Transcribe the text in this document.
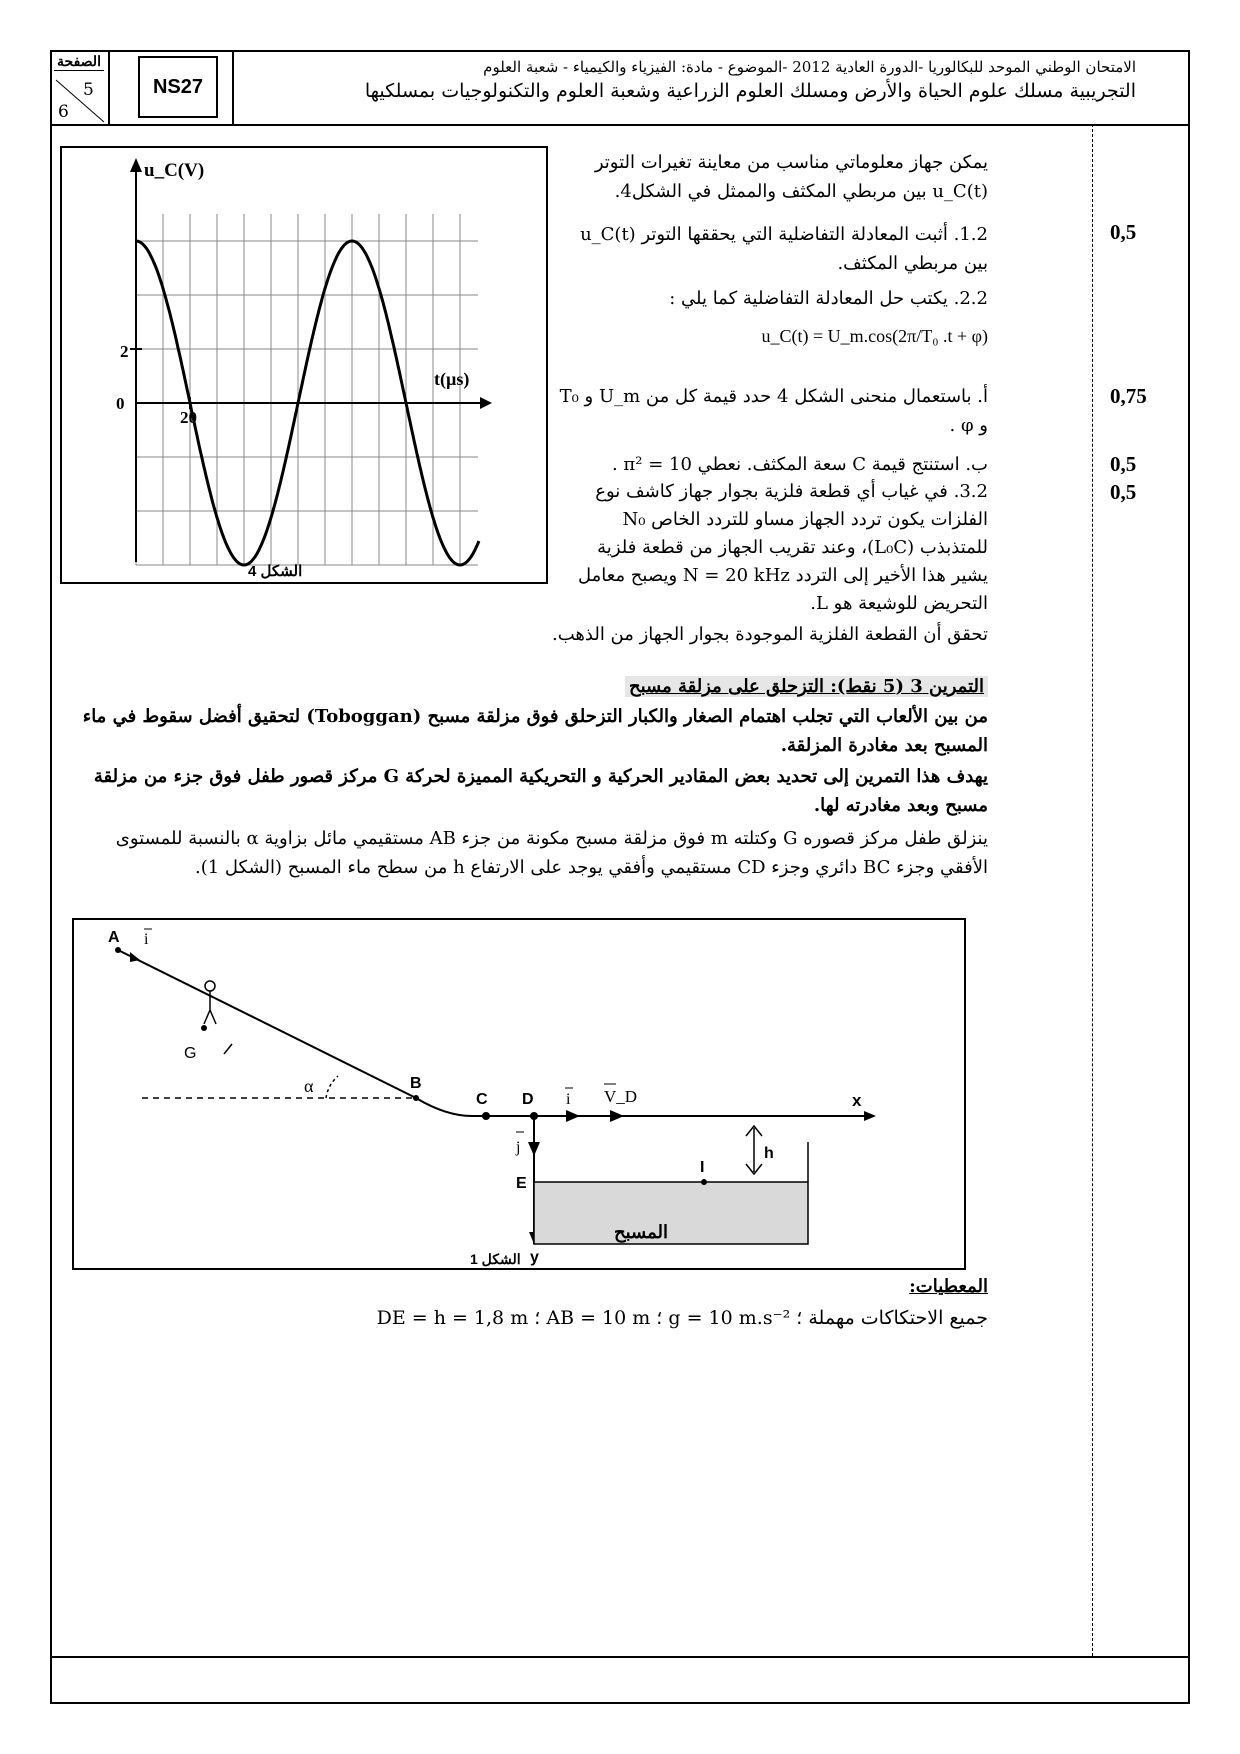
الصفحة
5
6
NS27
الامتحان الوطني الموحد للبكالوريا -الدورة العادية 2012 -الموضوع - مادة: الفيزياء والكيمياء - شعبة العلوم
التجريبية مسلك علوم الحياة والأرض ومسلك العلوم الزراعية وشعبة العلوم والتكنولوجيات بمسلكيها
u_C(V)
t(µs)
2
0
20
الشكل 4
يمكن جهاز معلوماتي مناسب من معاينة تغيرات التوتر u_C(t) بين مربطي المكثف والممثل في الشكل4.
1.2. أثبت المعادلة التفاضلية التي يحققها التوتر u_C(t) بين مربطي المكثف.
0,5
2.2. يكتب حل المعادلة التفاضلية كما يلي :
u_C(t) = U_m.cos(2π/T₀ .t + φ)
أ. باستعمال منحنى الشكل 4 حدد قيمة كل من U_m و T₀ و φ .
0,75
ب. استنتج قيمة C سعة المكثف. نعطي π² = 10 .	0,5
0,5
3.2. في غياب أي قطعة فلزية بجوار جهاز كاشف نوع الفلزات يكون تردد الجهاز مساو للتردد الخاص N₀ للمتذبذب (L₀C)، وعند تقريب الجهاز من قطعة فلزية يشير هذا الأخير إلى التردد N = 20 kHz ويصبح معامل التحريض للوشيعة هو L.
تحقق أن القطعة الفلزية الموجودة بجوار الجهاز من الذهب.
التمرين 3 (5 نقط): التزحلق على مزلقة مسبح
من بين الألعاب التي تجلب اهتمام الصغار والكبار التزحلق فوق مزلقة مسبح (Toboggan) لتحقيق أفضل سقوط في ماء المسبح بعد مغادرة المزلقة.
يهدف هذا التمرين إلى تحديد بعض المقادير الحركية و التحريكية المميزة لحركة G مركز قصور طفل فوق جزء من مزلقة مسبح وبعد مغادرته لها.
ينزلق طفل مركز قصوره G وكتلته m فوق مزلقة مسبح مكونة من جزء AB مستقيمي مائل بزاوية α بالنسبة للمستوى الأفقي وجزء BC دائري وجزء CD مستقيمي وأفقي يوجد على الارتفاع h من سطح ماء المسبح (الشكل 1).
α
x
A i
G
B
C D i V_D
y
j
E
I
h
المسبح
الشكل 1
المعطيات:
جميع الاحتكاكات مهملة ؛ g = 10 m.s⁻² ؛ AB = 10 m ؛ DE = h = 1,8 m
